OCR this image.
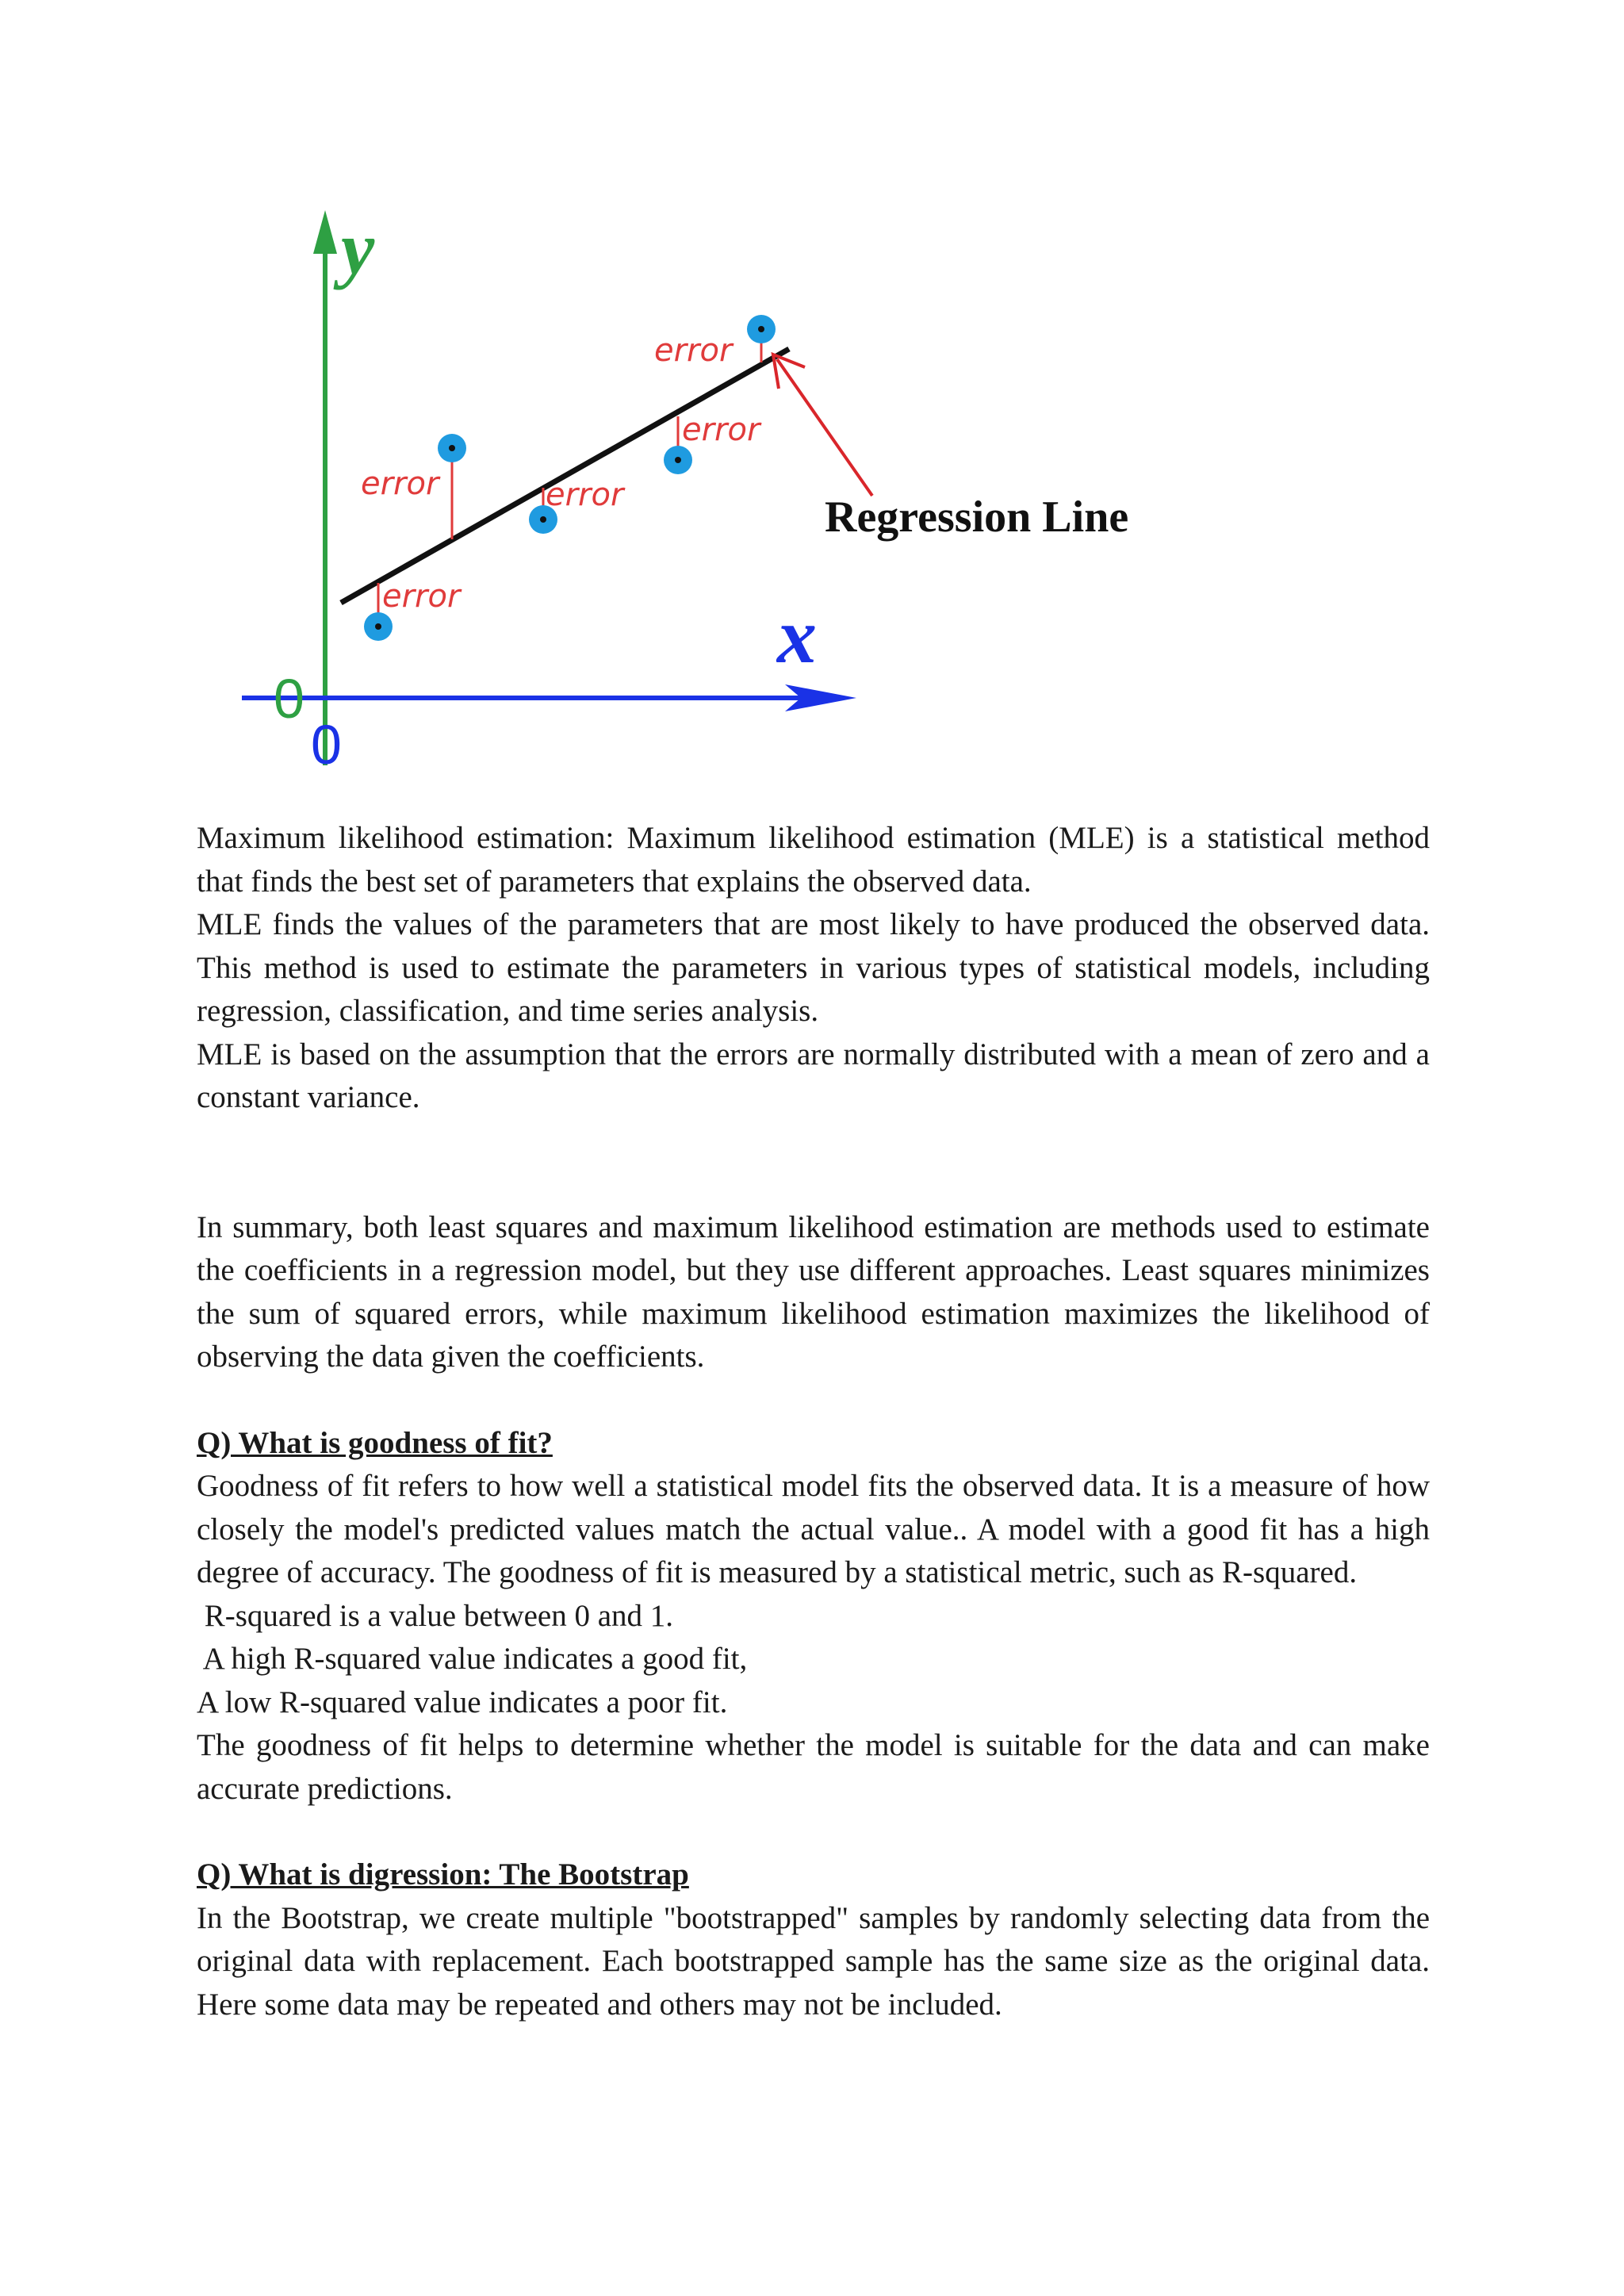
y
x
0
0
error
error	error
error
error
Regression Line

Maximum likelihood estimation: Maximum likelihood estimation (MLE) is a statistical method that finds the best set of parameters that explains the observed data.

MLE finds the values of the parameters that are most likely to have produced the observed data. This method is used to estimate the parameters in various types of statistical models, including regression, classification, and time series analysis.

MLE is based on the assumption that the errors are normally distributed with a mean of zero and a constant variance.

In summary, both least squares and maximum likelihood estimation are methods used to estimate the coefficients in a regression model, but they use different approaches. Least squares minimizes the sum of squared errors, while maximum likelihood estimation maximizes the likelihood of observing the data given the coefficients.

Q) What is goodness of fit?

Goodness of fit refers to how well a statistical model fits the observed data. It is a measure of how closely the model's predicted values match the actual value.. A model with a good fit has a high degree of accuracy. The goodness of fit is measured by a statistical metric, such as R-squared.

R-squared is a value between 0 and 1.

A high R-squared value indicates a good fit,

A low R-squared value indicates a poor fit.

The goodness of fit helps to determine whether the model is suitable for the data and can make accurate predictions.

Q) What is digression: The Bootstrap

In the Bootstrap, we create multiple "bootstrapped" samples by randomly selecting data from the original data with replacement. Each bootstrapped sample has the same size as the original data. Here some data may be repeated and others may not be included.
